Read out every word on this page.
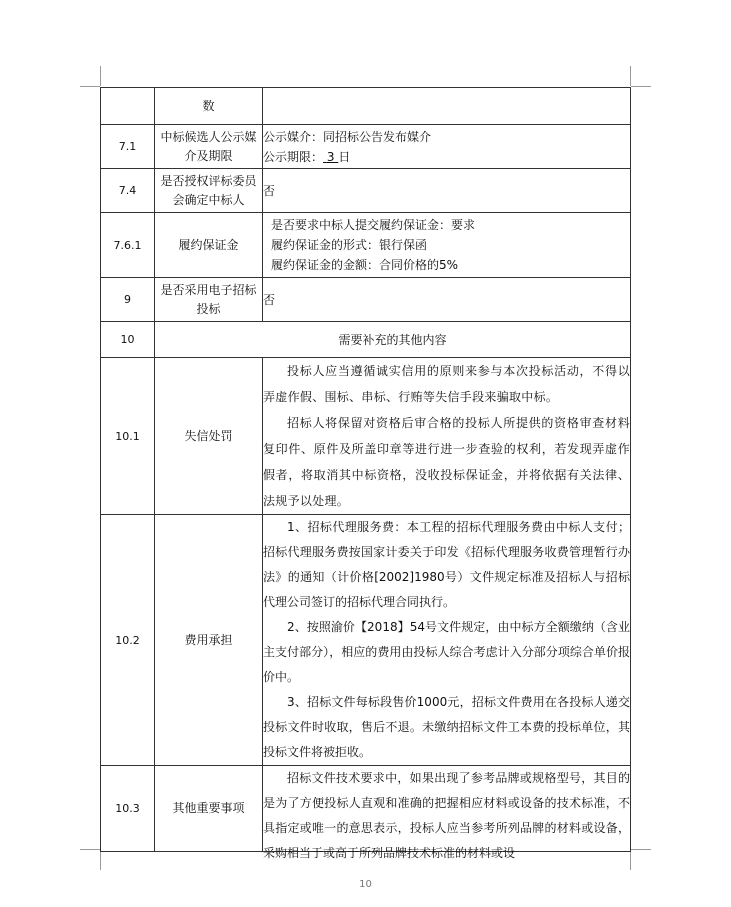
	数	
7.1	中标候选人公示媒介及期限	公示媒介：同招标公告发布媒介
公示期限： 3 日

7.4	是否授权评标委员会确定中标人	否
7.6.1	履约保证金	是否要求中标人提交履约保证金：要求
履约保证金的形式：银行保函
履约保证金的金额：合同价格的5%

9	是否采用电子招标投标	否
10	需要补充的其他内容	
10.1	失信处罚	投标人应当遵循诚实信用的原则来参与本次投标活动，不得以弄虚作假、围标、串标、行贿等失信手段来骗取中标。

招标人将保留对资格后审合格的投标人所提供的资格审查材料复印件、原件及所盖印章等进行进一步查验的权利，若发现弄虚作假者，将取消其中标资格，没收投标保证金，并将依据有关法律、法规予以处理。

10.2	费用承担	1、招标代理服务费：本工程的招标代理服务费由中标人支付；招标代理服务费按国家计委关于印发《招标代理服务收费管理暂行办法》的通知（计价格[2002]1980号）文件规定标准及招标人与招标代理公司签订的招标代理合同执行。

2、按照渝价【2018】54号文件规定，由中标方全额缴纳（含业主支付部分），相应的费用由投标人综合考虑计入分部分项综合单价报价中。

3、招标文件每标段售价1000元，招标文件费用在各投标人递交投标文件时收取，售后不退。未缴纳招标文件工本费的投标单位，其投标文件将被拒收。

10.3	其他重要事项	招标文件技术要求中，如果出现了参考品牌或规格型号，其目的是为了方便投标人直观和准确的把握相应材料或设备的技术标准，不具指定或唯一的意思表示，投标人应当参考所列品牌的材料或设备，采购相当于或高于所列品牌技术标准的材料或设

10
